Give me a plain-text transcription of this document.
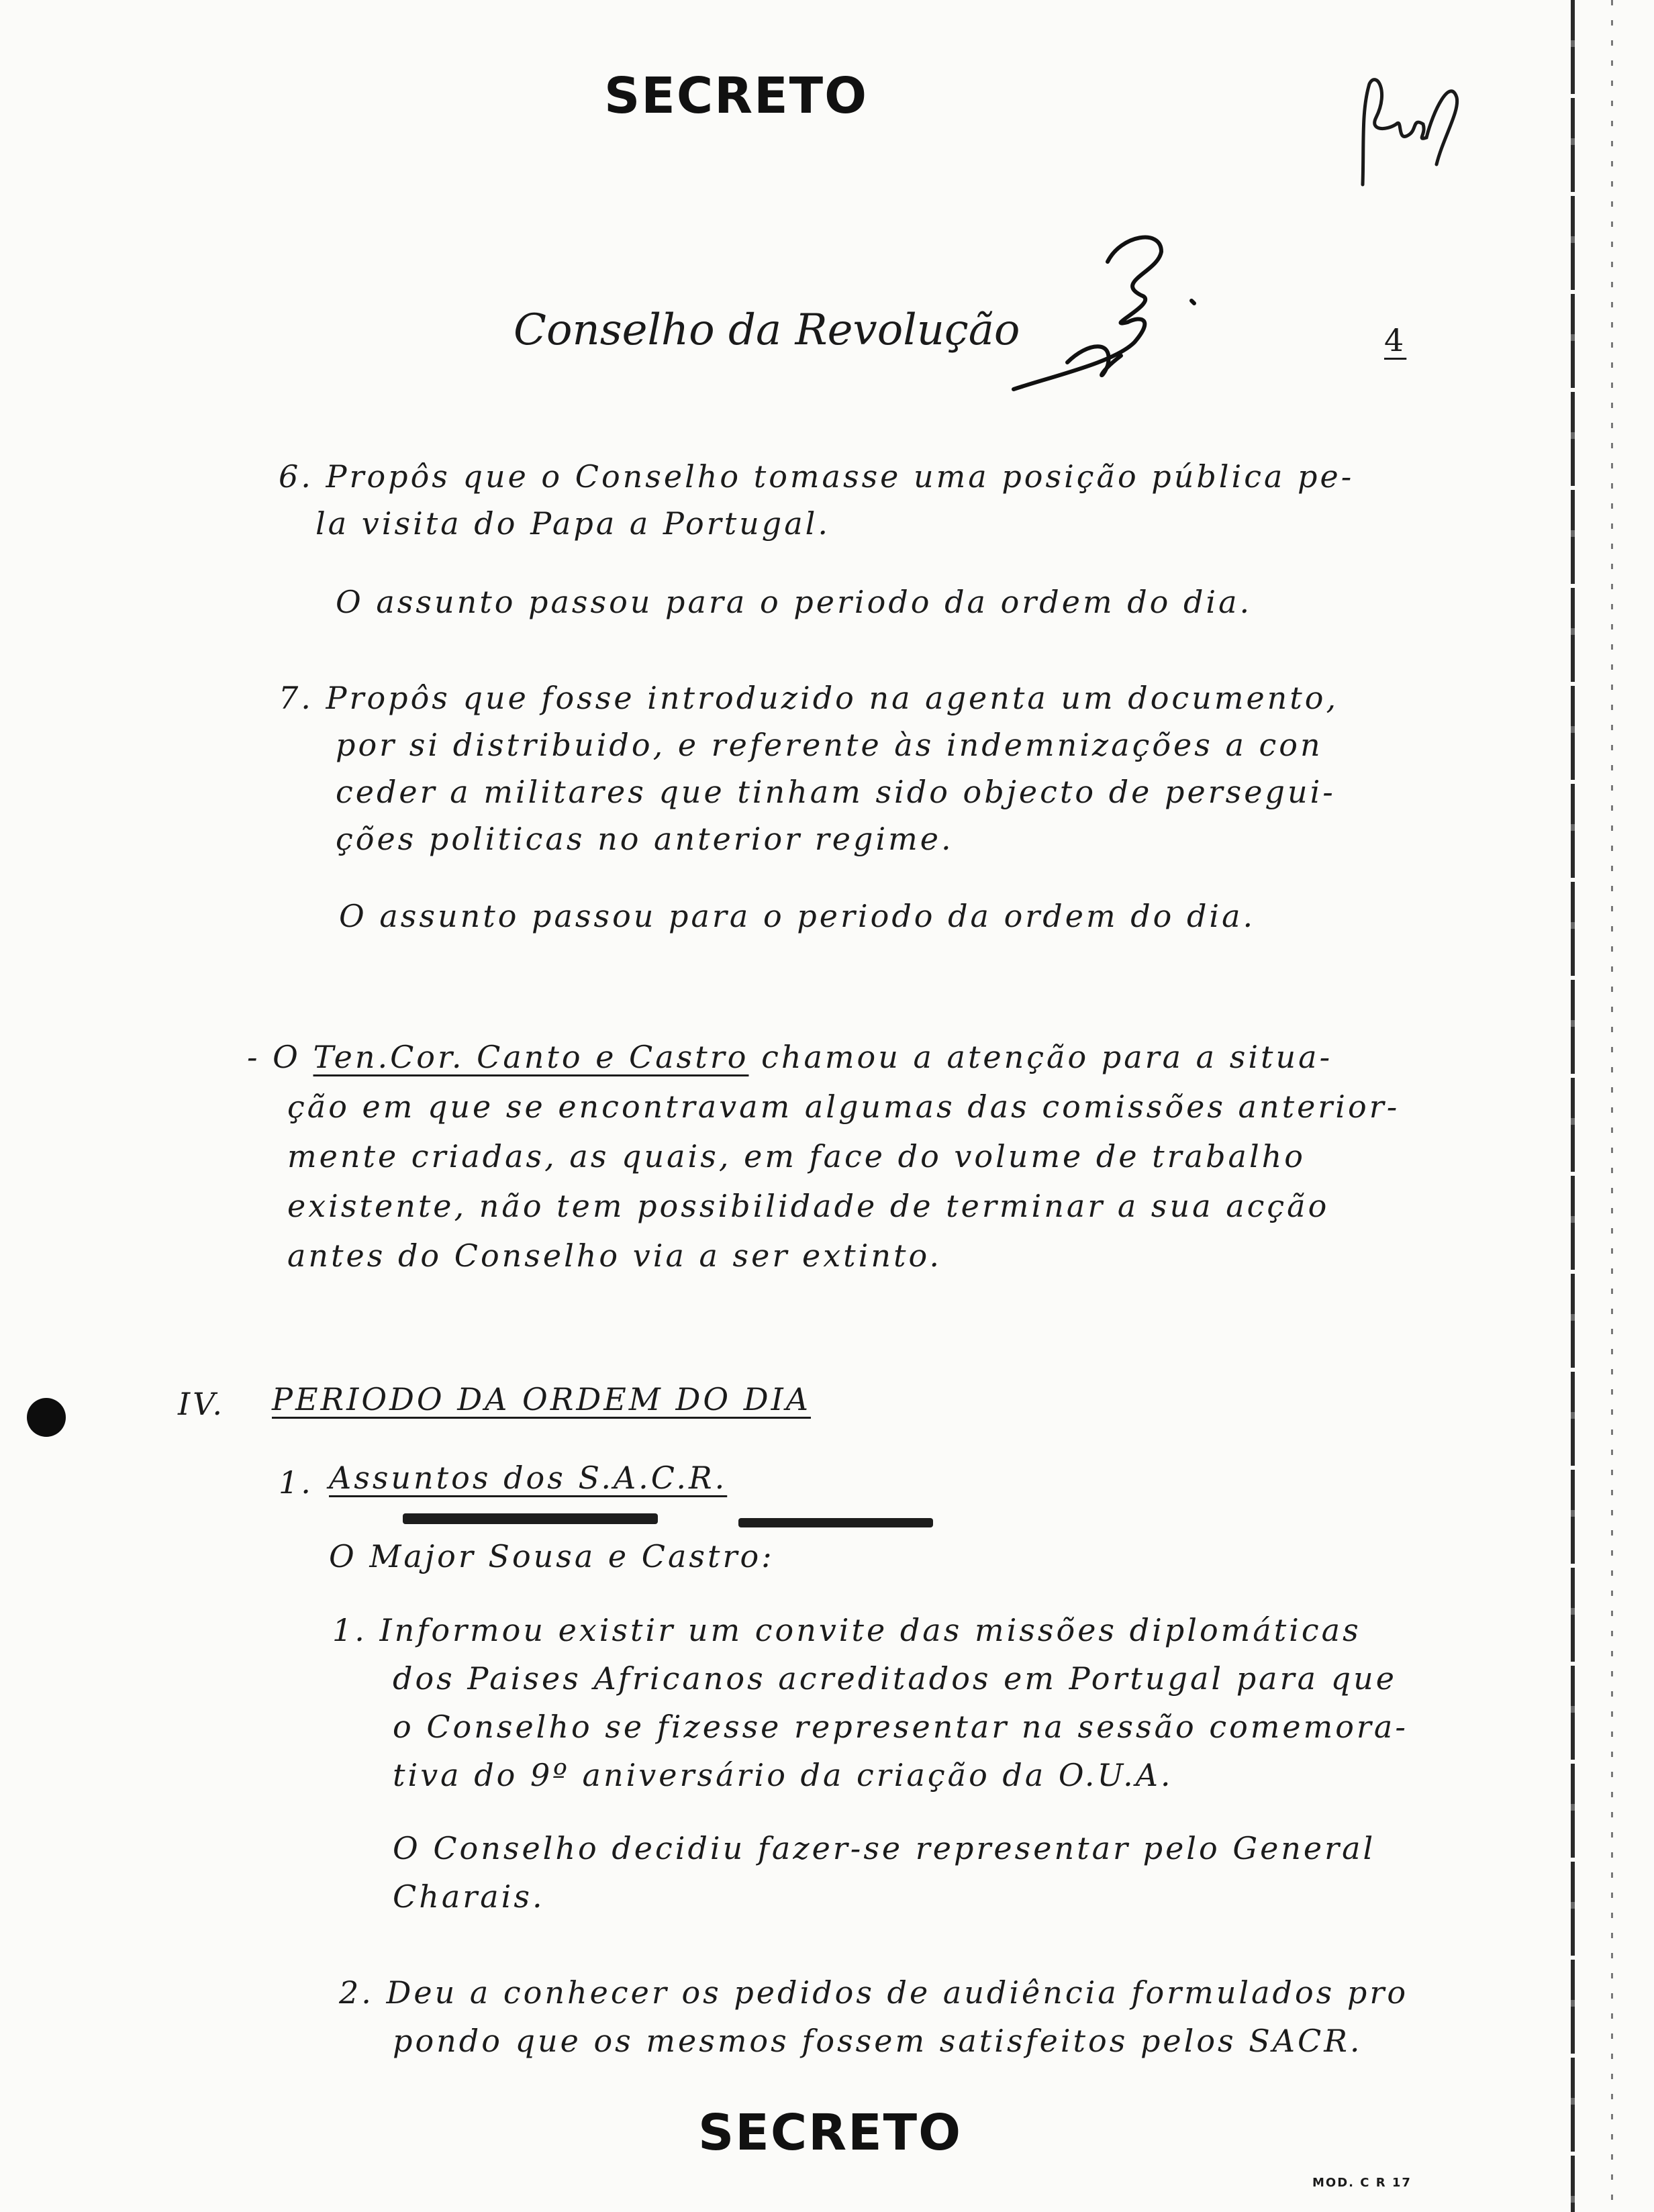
SECRETO
Conselho da Revolução	4
6. Propôs que o Conselho tomasse uma posição pública pe-
la visita do Papa a Portugal.
O assunto passou para o periodo da ordem do dia.
7. Propôs que fosse introduzido na agenta um documento,
por si distribuido, e referente às indemnizações a con
ceder a militares que tinham sido objecto de persegui-
ções politicas no anterior regime.
O assunto passou para o periodo da ordem do dia.
- O Ten.Cor. Canto e Castro chamou a atenção para a situa-
ção em que se encontravam algumas das comissões anterior-
mente criadas, as quais, em face do volume de trabalho
existente, não tem possibilidade de terminar a sua acção
antes do Conselho via a ser extinto.
IV. PERIODO DA ORDEM DO DIA
1. Assuntos dos S.A.C.R.
O Major Sousa e Castro:
1. Informou existir um convite das missões diplomáticas
dos Paises Africanos acreditados em Portugal para que
o Conselho se fizesse representar na sessão comemora-
tiva do 9º aniversário da criação da O.U.A.
O Conselho decidiu fazer-se representar pelo General
Charais.
2. Deu a conhecer os pedidos de audiência formulados pro
pondo que os mesmos fossem satisfeitos pelos SACR.
SECRETO
MOD. C R 17
